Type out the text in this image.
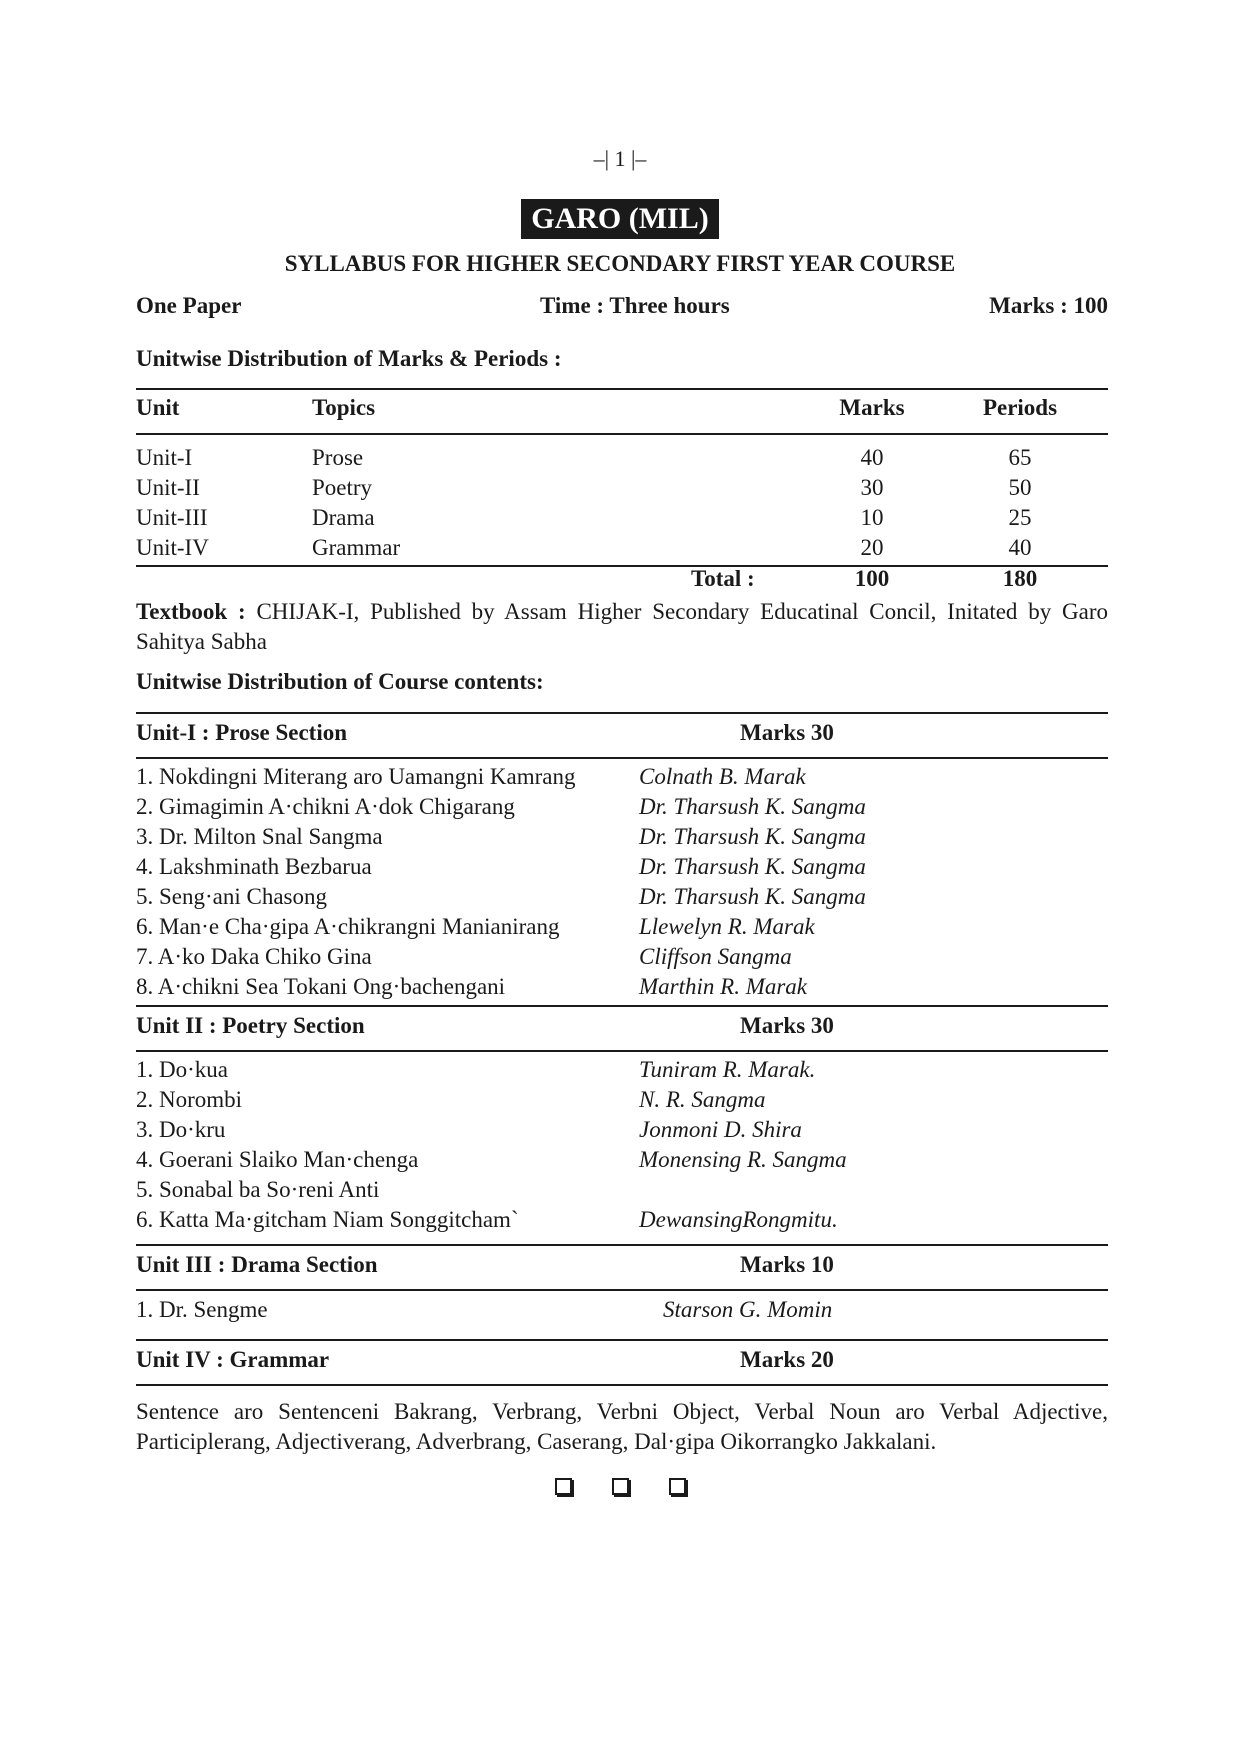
–| 1 |–
GARO (MIL)
SYLLABUS FOR HIGHER SECONDARY FIRST YEAR COURSE
One Paper	Time : Three hours	Marks : 100
Unitwise Distribution of Marks & Periods :
Unit	Topics	Marks	Periods
Unit-I	Prose	40	65
Unit-II	Poetry	30	50
Unit-III	Drama	10	25
Unit-IV	Grammar	20	40
Total :	100	180
Textbook : CHIJAK-I, Published by Assam Higher Secondary Educatinal Concil, Initated by Garo Sahitya Sabha
Unitwise Distribution of Course contents:
Unit-I : Prose Section	Marks 30
1. Nokdingni Miterang aro Uamangni Kamrang	Colnath B. Marak
2. Gimagimin A·chikni A·dok Chigarang	Dr. Tharsush K. Sangma
3. Dr. Milton Snal Sangma	Dr. Tharsush K. Sangma
4. Lakshminath Bezbarua	Dr. Tharsush K. Sangma
5. Seng·ani Chasong	Dr. Tharsush K. Sangma
6. Man·e Cha·gipa A·chikrangni Manianirang	Llewelyn R. Marak
7. A·ko Daka Chiko Gina	Cliffson Sangma
8. A·chikni Sea Tokani Ong·bachengani	Marthin R. Marak
Unit II : Poetry Section	Marks 30
1. Do·kua	Tuniram R. Marak.
2. Norombi	N. R. Sangma
3. Do·kru	Jonmoni D. Shira
4. Goerani Slaiko Man·chenga	Monensing R. Sangma
5. Sonabal ba So·reni Anti
6. Katta Ma·gitcham Niam Songgitcham`	DewansingRongmitu.
Unit III : Drama Section	Marks 10
1. Dr. Sengme	Starson G. Momin
Unit IV : Grammar	Marks 20
Sentence aro Sentenceni Bakrang, Verbrang, Verbni Object, Verbal Noun aro Verbal Adjective, Participlerang, Adjectiverang, Adverbrang, Caserang, Dal·gipa Oikorrangko Jakkalani.
